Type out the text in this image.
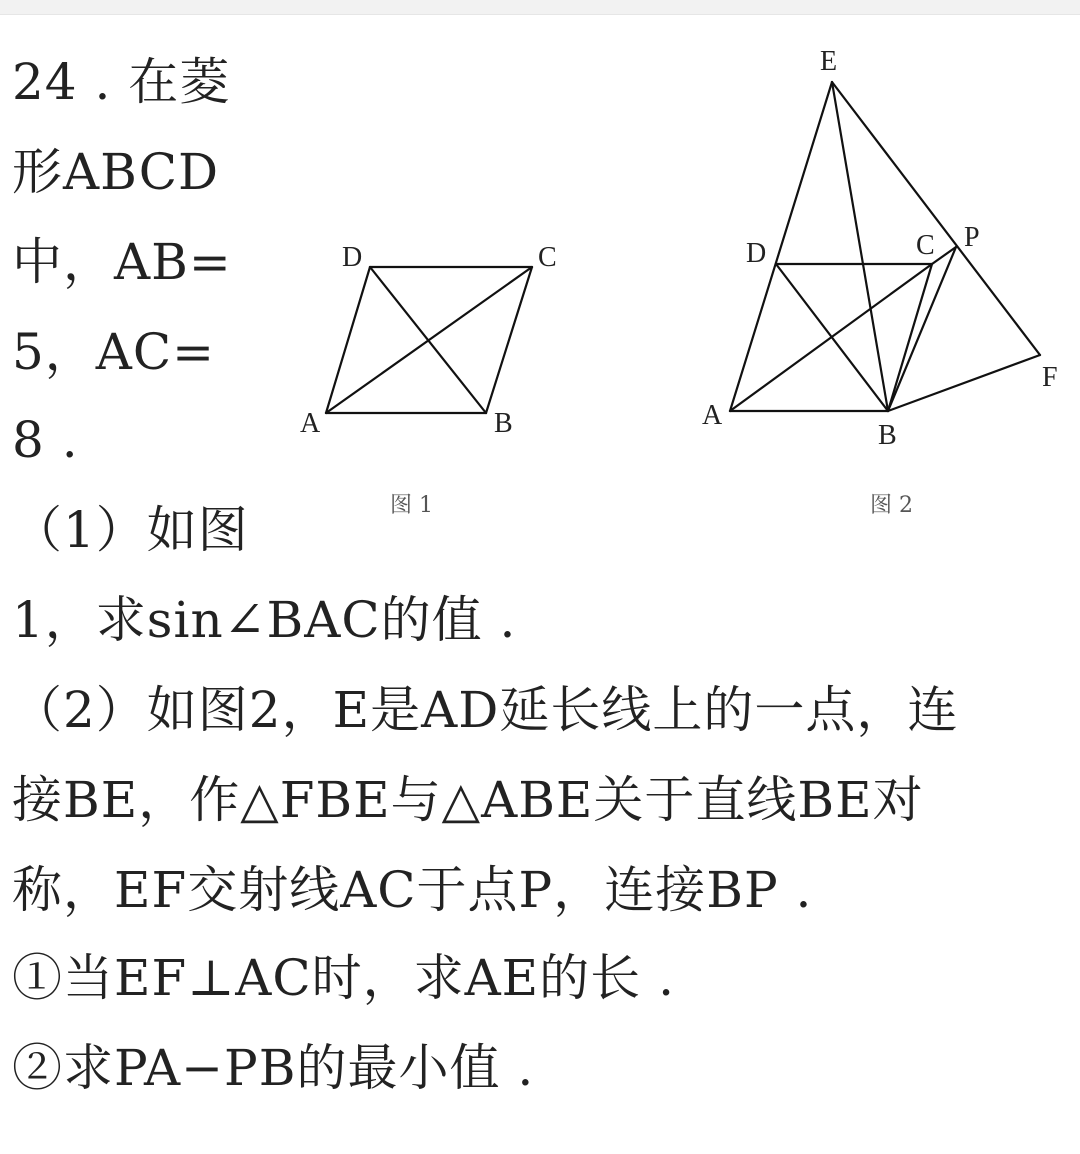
24 . 在菱
形ABCD
中，AB=
5，AC=
8 .
（1）如图
1，求sin∠BAC的值 .
（2）如图2，E是AD延长线上的一点，连
接BE，作△FBE与△ABE关于直线BE对
称，EF交射线AC于点P，连接BP .
①当EF⊥AC时，求AE的长 .
②求PA−PB的最小值 .
D	C
A	B
图 1
E
D	C P
F
A
B
图 2
